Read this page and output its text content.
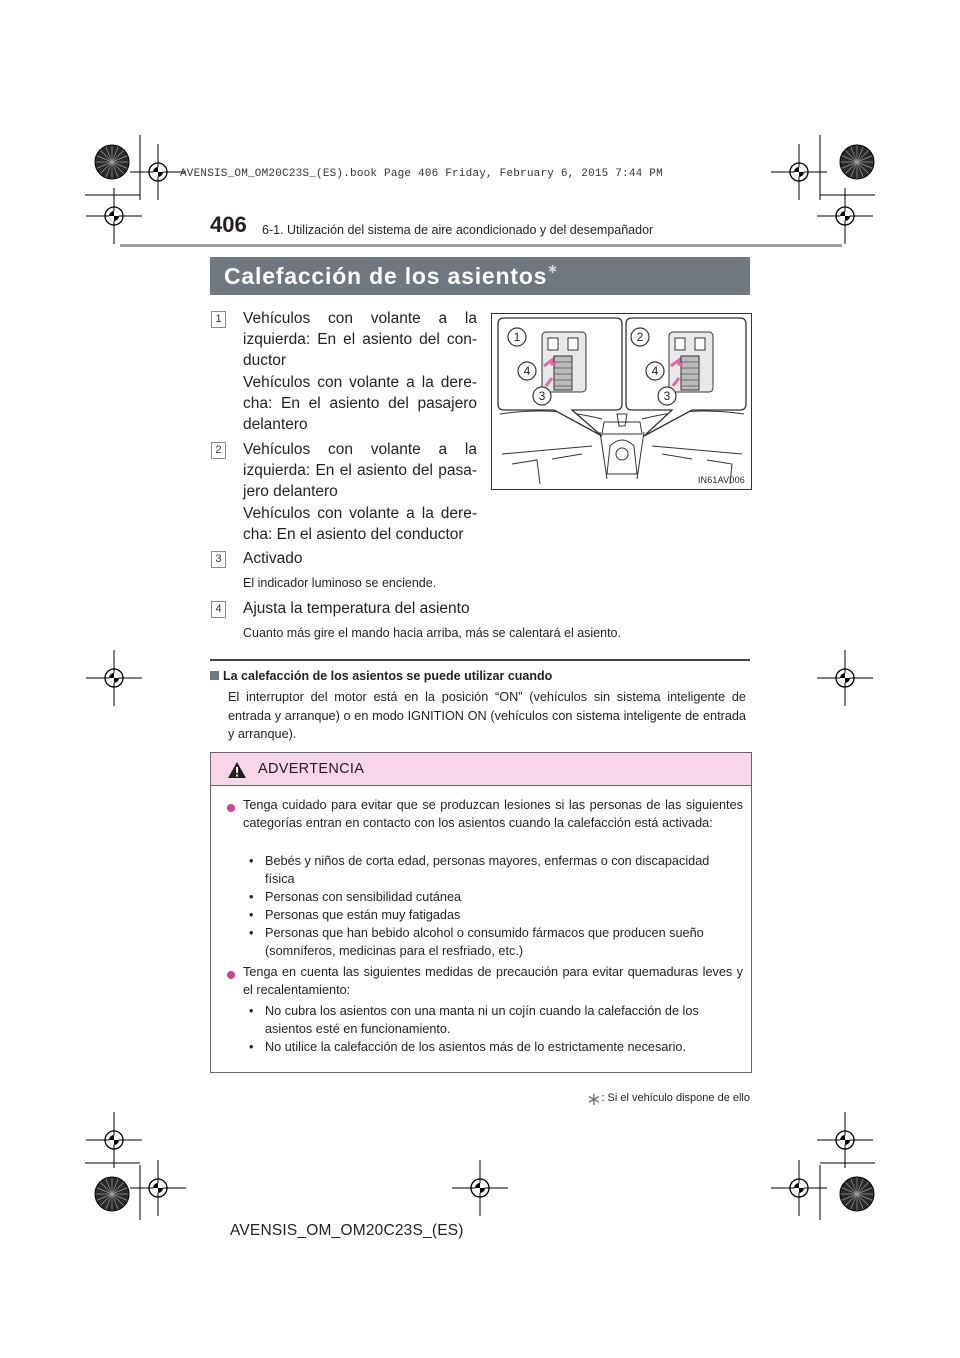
AVENSIS_OM_OM20C23S_(ES).book Page 406 Friday, February 6, 2015 7:44 PM
406 6-1. Utilización del sistema de aire acondicionado y del desempañador
Calefacción de los asientos∗
1 Vehículos con volante a la
izquierda: En el asiento del con-
ductor
Vehículos con volante a la dere-
cha: En el asiento del pasajero
delantero
2 Vehículos con volante a la
izquierda: En el asiento del pasa-
jero delantero
Vehículos con volante a la dere-
cha: En el asiento del conductor
3 Activado
El indicador luminoso se enciende.
4 Ajusta la temperatura del asiento
Cuanto más gire el mando hacia arriba, más se calentará el asiento.
1
4
3
2
4
3
IN61AV006
La calefacción de los asientos se puede utilizar cuando
El interruptor del motor está en la posición “ON” (vehículos sin sistema inteligente de entrada y arranque) o en modo IGNITION ON (vehículos con sistema inteligente de entrada y arranque).
ADVERTENCIA
Tenga cuidado para evitar que se produzcan lesiones si las personas de las siguientes categorías entran en contacto con los asientos cuando la calefacción está activada:
• Bebés y niños de corta edad, personas mayores, enfermas o con discapacidad
física
• Personas con sensibilidad cutánea
• Personas que están muy fatigadas
• Personas que han bebido alcohol o consumido fármacos que producen sueño
(somníferos, medicinas para el resfriado, etc.)
Tenga en cuenta las siguientes medidas de precaución para evitar quemaduras leves y el recalentamiento:
• No cubra los asientos con una manta ni un cojín cuando la calefacción de los
asientos esté en funcionamiento.
• No utilice la calefacción de los asientos más de lo estrictamente necesario.
∗: Si el vehículo dispone de ello
AVENSIS_OM_OM20C23S_(ES)
